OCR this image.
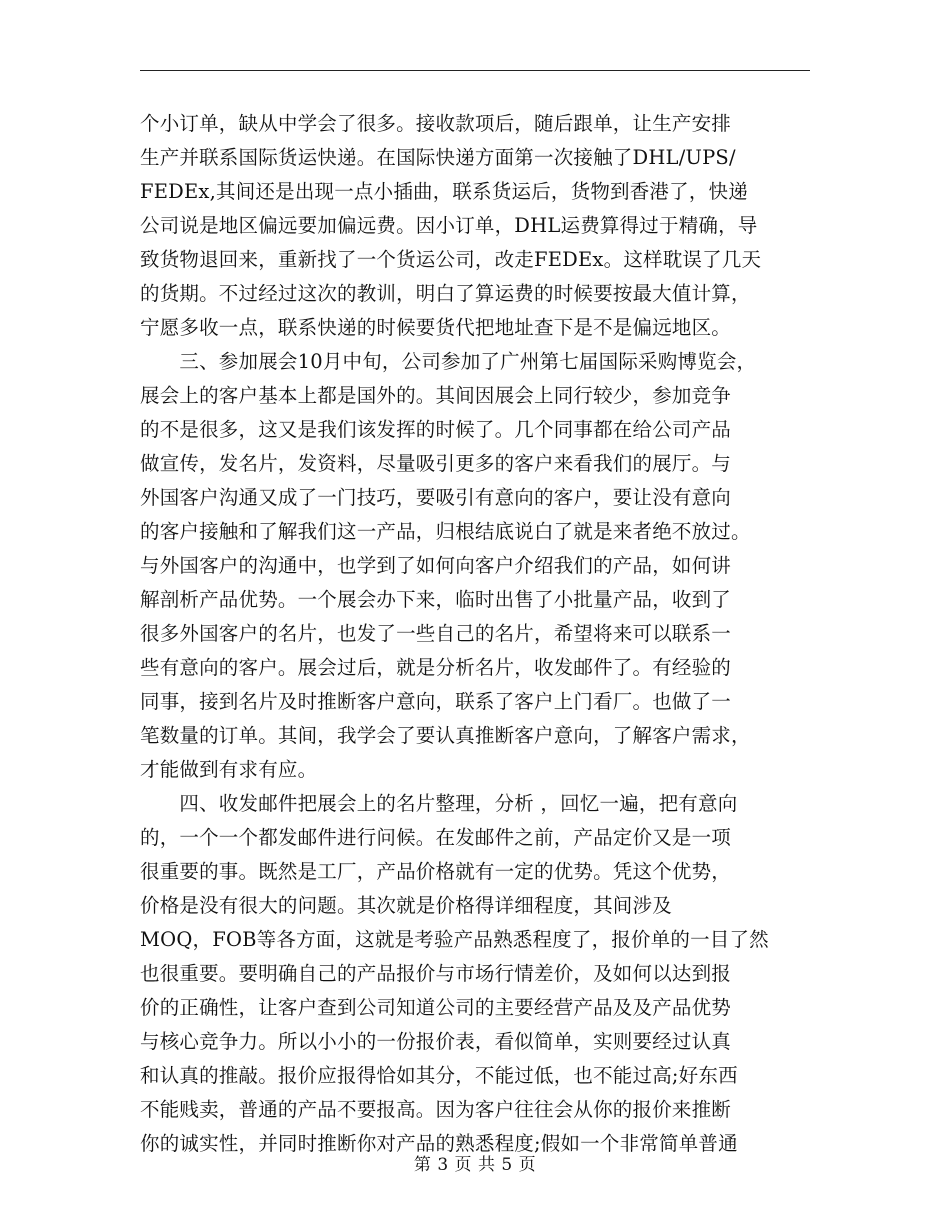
个小订单，缺从中学会了很多。接收款项后，随后跟单，让生产安排
生产并联系国际货运快递。在国际快递方面第一次接触了DHL/UPS/
FEDEx,其间还是出现一点小插曲，联系货运后，货物到香港了，快递
公司说是地区偏远要加偏远费。因小订单，DHL运费算得过于精确，导
致货物退回来，重新找了一个货运公司，改走FEDEx。这样耽误了几天
的货期。不过经过这次的教训，明白了算运费的时候要按最大值计算，
宁愿多收一点，联系快递的时候要货代把地址查下是不是偏远地区。
　　三、参加展会10月中旬，公司参加了广州第七届国际采购博览会，
展会上的客户基本上都是国外的。其间因展会上同行较少，参加竞争
的不是很多，这又是我们该发挥的时候了。几个同事都在给公司产品
做宣传，发名片，发资料，尽量吸引更多的客户来看我们的展厅。与
外国客户沟通又成了一门技巧，要吸引有意向的客户，要让没有意向
的客户接触和了解我们这一产品，归根结底说白了就是来者绝不放过。
与外国客户的沟通中，也学到了如何向客户介绍我们的产品，如何讲
解剖析产品优势。一个展会办下来，临时出售了小批量产品，收到了
很多外国客户的名片，也发了一些自己的名片，希望将来可以联系一
些有意向的客户。展会过后，就是分析名片，收发邮件了。有经验的
同事，接到名片及时推断客户意向，联系了客户上门看厂。也做了一
笔数量的订单。其间，我学会了要认真推断客户意向，了解客户需求，
才能做到有求有应。
　　四、收发邮件把展会上的名片整理，分析 ，回忆一遍，把有意向
的，一个一个都发邮件进行问候。在发邮件之前，产品定价又是一项
很重要的事。既然是工厂，产品价格就有一定的优势。凭这个优势，
价格是没有很大的问题。其次就是价格得详细程度，其间涉及
MOQ，FOB等各方面，这就是考验产品熟悉程度了，报价单的一目了然
也很重要。要明确自己的产品报价与市场行情差价，及如何以达到报
价的正确性，让客户查到公司知道公司的主要经营产品及及产品优势
与核心竞争力。所以小小的一份报价表，看似简单，实则要经过认真
和认真的推敲。报价应报得恰如其分，不能过低，也不能过高;好东西
不能贱卖，普通的产品不要报高。因为客户往往会从你的报价来推断
你的诚实性，并同时推断你对产品的熟悉程度;假如一个非常简单普通
第 3 页 共 5 页
